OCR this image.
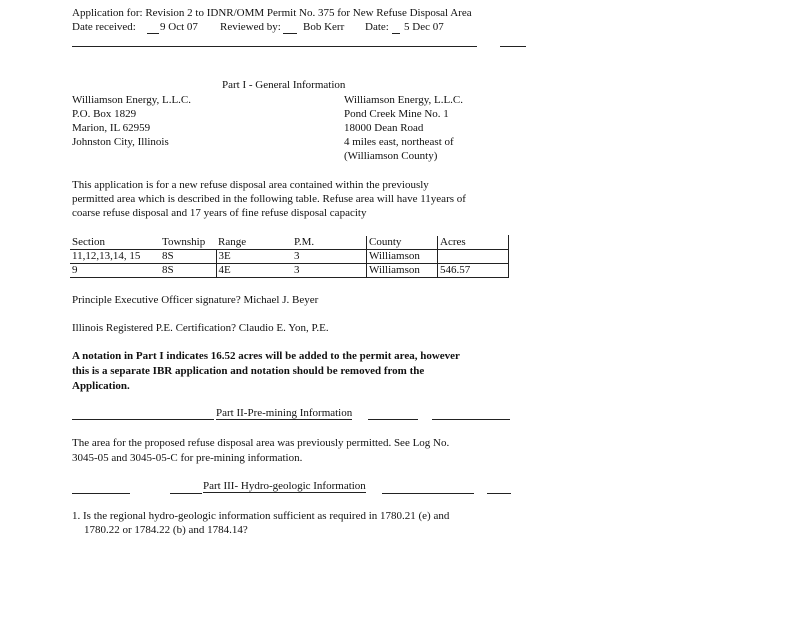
Application for: Revision 2 to IDNR/OMM Permit No. 375 for New Refuse Disposal Area
Date received: 9 Oct 07 Reviewed by: Bob Kerr Date: 5 Dec 07
Part I - General Information
Williamson Energy, L.L.C.
P.O. Box 1829
Marion, IL 62959
Johnston City, Illinois
Williamson Energy, L.L.C.
Pond Creek Mine No. 1
18000 Dean Road
4 miles east, northeast of
(Williamson County)
This application is for a new refuse disposal area contained within the previously
permitted area which is described in the following table. Refuse area will have 11years of
coarse refuse disposal and 17 years of fine refuse disposal capacity
Section	Township	Range	P.M.	County	Acres
11,12,13,14, 15	8S	3E	3	Williamson	
9	8S	4E	3	Williamson	546.57
Principle Executive Officer signature? Michael J. Beyer
Illinois Registered P.E. Certification? Claudio E. Yon, P.E.
A notation in Part I indicates 16.52 acres will be added to the permit area, however
this is a separate IBR application and notation should be removed from the
Application.
Part II-Pre-mining Information
The area for the proposed refuse disposal area was previously permitted. See Log No.
3045-05 and 3045-05-C for pre-mining information.
Part III- Hydro-geologic Information
1. Is the regional hydro-geologic information sufficient as required in 1780.21 (e) and
1780.22 or 1784.22 (b) and 1784.14?
